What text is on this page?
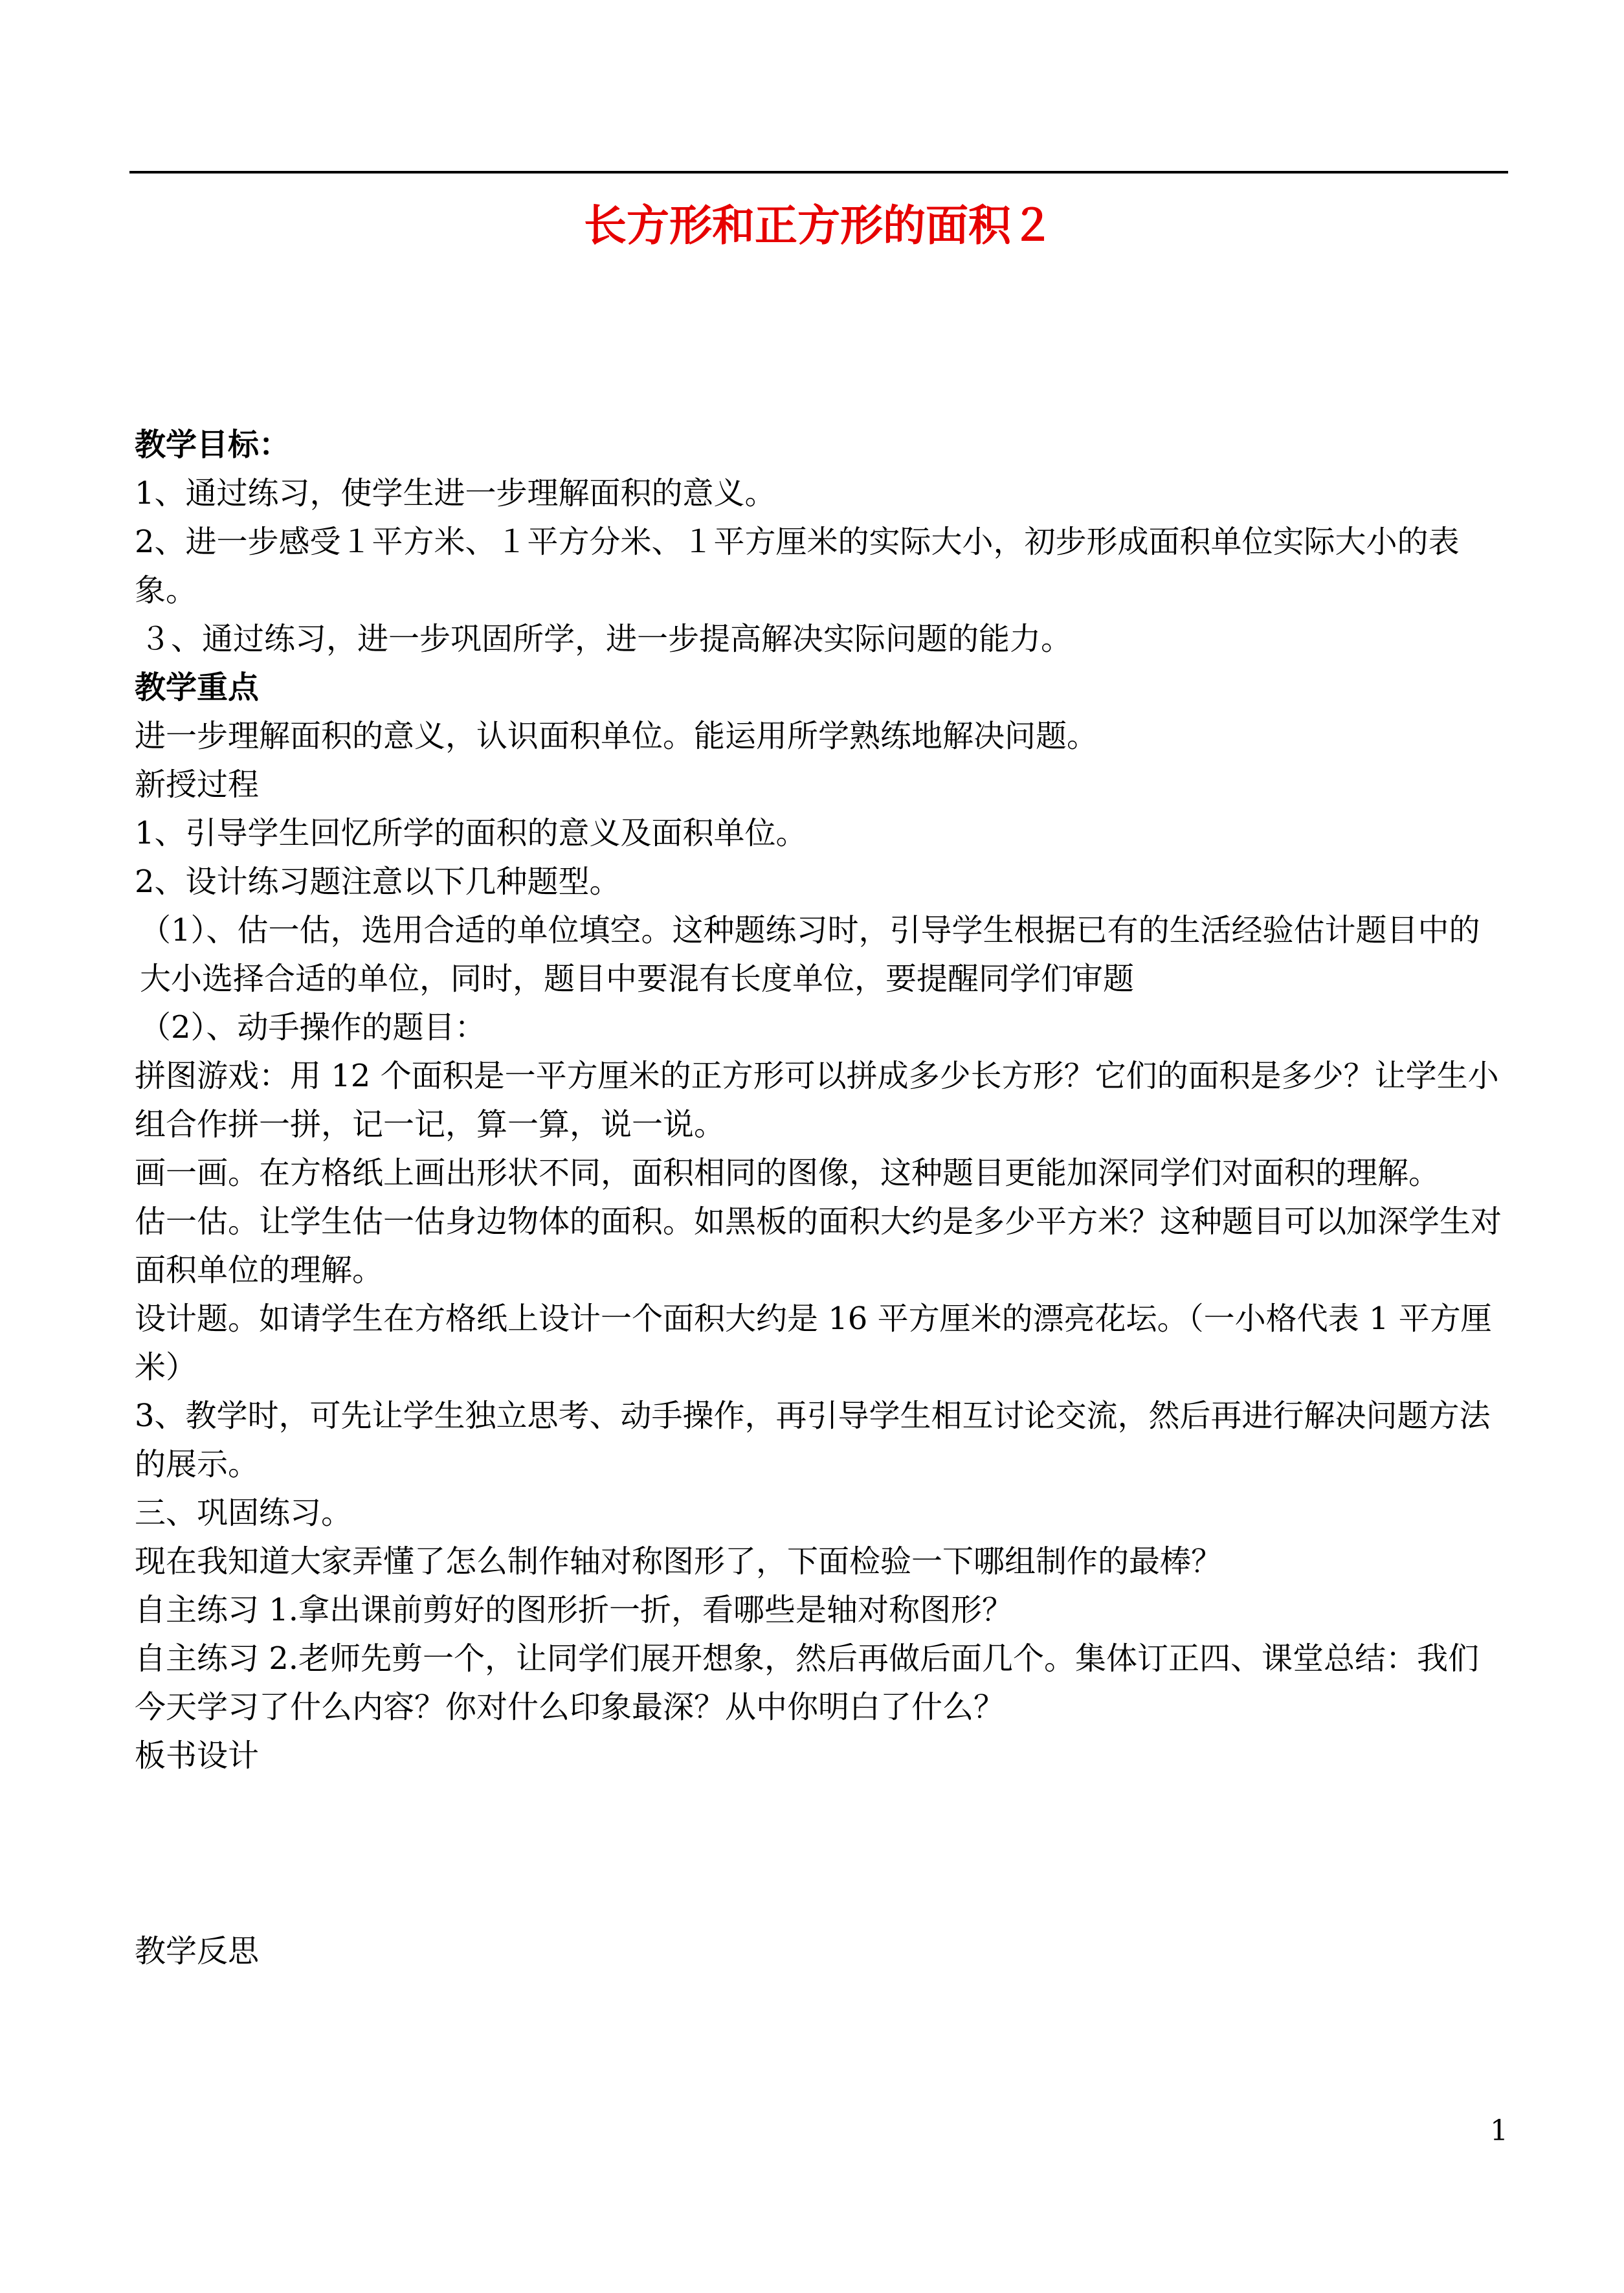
长方形和正方形的面积２

教学目标：

1、通过练习，使学生进一步理解面积的意义。

2、进一步感受１平方米、１平方分米、１平方厘米的实际大小，初步形成面积单位实际大小的表象。

３、通过练习，进一步巩固所学，进一步提高解决实际问题的能力。

教学重点

进一步理解面积的意义，认识面积单位。能运用所学熟练地解决问题。

新授过程

1、引导学生回忆所学的面积的意义及面积单位。

2、设计练习题注意以下几种题型。

（1）、估一估，选用合适的单位填空。这种题练习时，引导学生根据已有的生活经验估计题目中的大小选择合适的单位，同时，题目中要混有长度单位，要提醒同学们审题

（2）、动手操作的题目：

拼图游戏：用 12 个面积是一平方厘米的正方形可以拼成多少长方形？它们的面积是多少？让学生小组合作拼一拼，记一记，算一算，说一说。

画一画。在方格纸上画出形状不同，面积相同的图像，这种题目更能加深同学们对面积的理解。

估一估。让学生估一估身边物体的面积。如黑板的面积大约是多少平方米？这种题目可以加深学生对面积单位的理解。

设计题。如请学生在方格纸上设计一个面积大约是 16 平方厘米的漂亮花坛。（一小格代表 1 平方厘米）

3、教学时，可先让学生独立思考、动手操作，再引导学生相互讨论交流，然后再进行解决问题方法的展示。

三、巩固练习。

现在我知道大家弄懂了怎么制作轴对称图形了，下面检验一下哪组制作的最棒？

自主练习 1.拿出课前剪好的图形折一折，看哪些是轴对称图形？

自主练习 2.老师先剪一个，让同学们展开想象，然后再做后面几个。集体订正四、课堂总结：我们今天学习了什么内容？你对什么印象最深？从中你明白了什么？

板书设计

教学反思

1
